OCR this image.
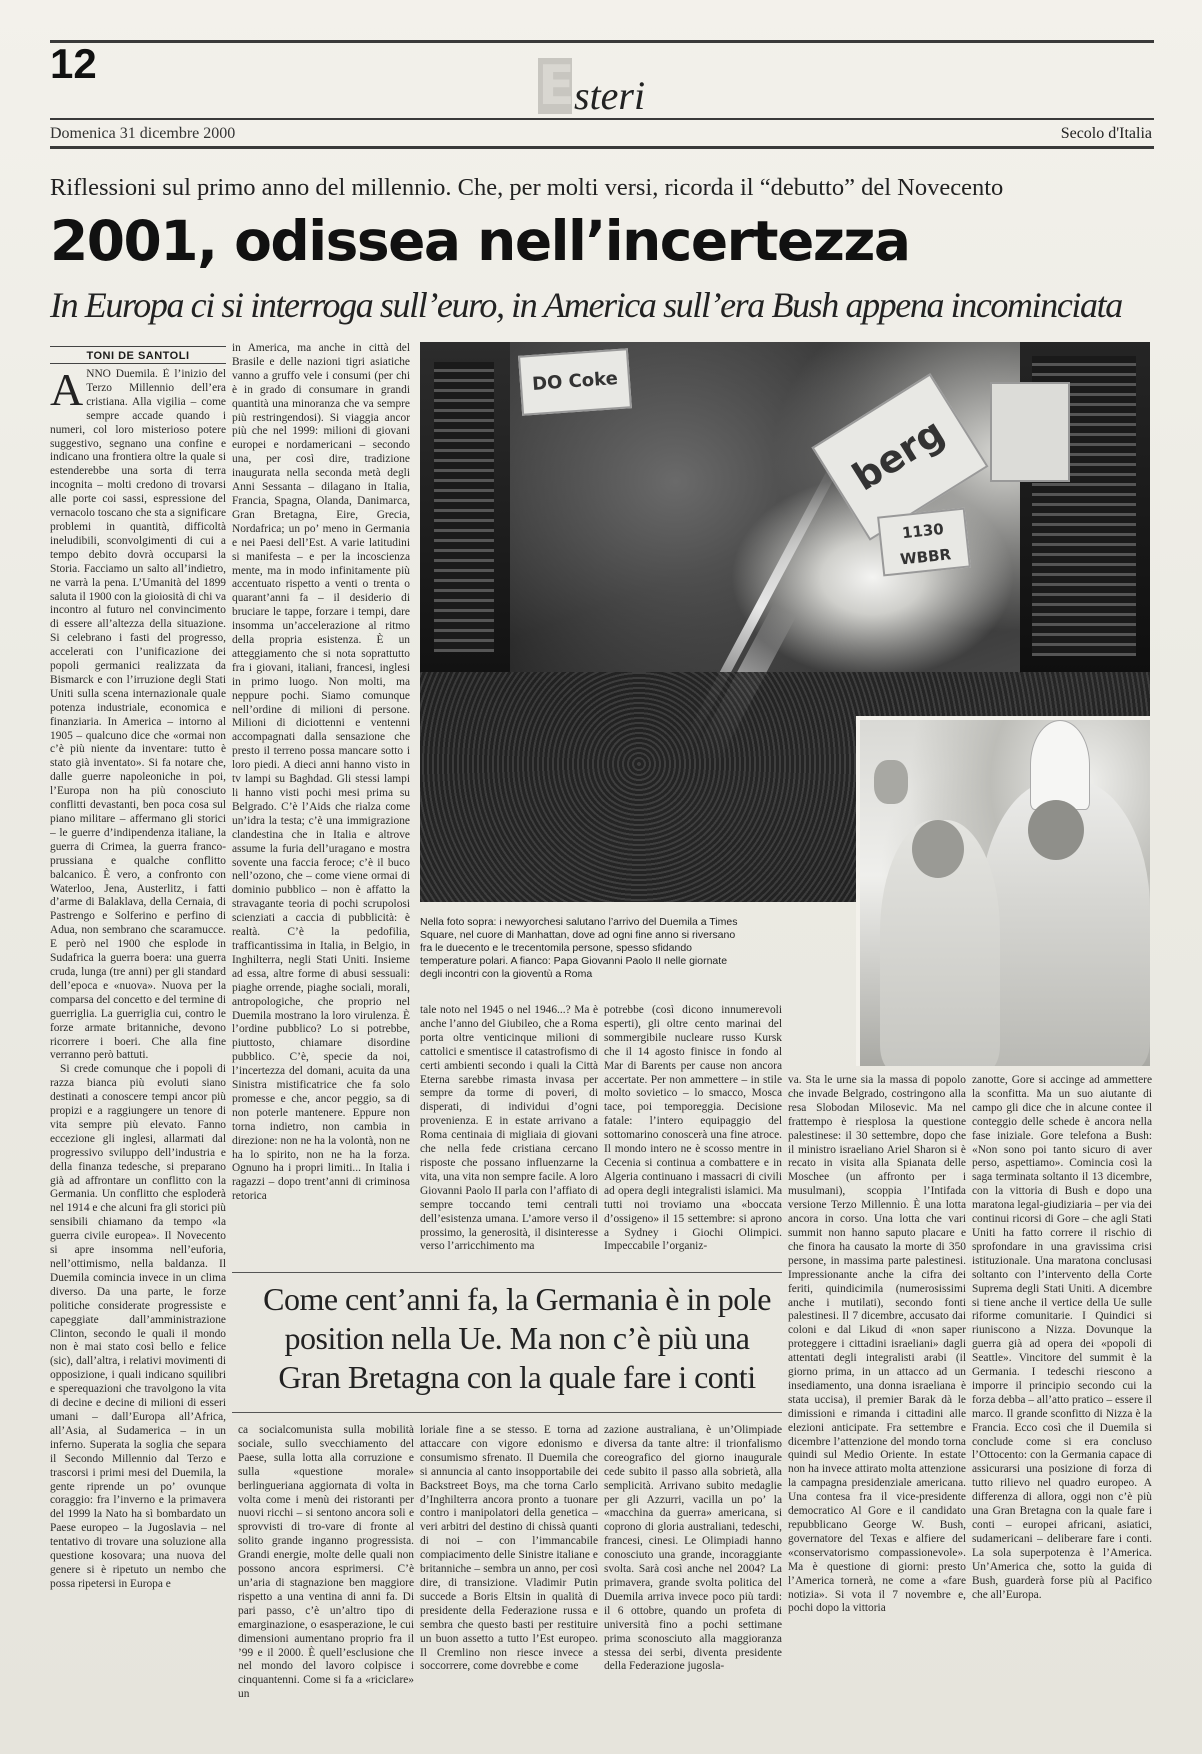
12	E steri
Domenica 31 dicembre 2000	Secolo d'Italia
Riflessioni sul primo anno del millennio. Che, per molti versi, ricorda il “debutto” del Novecento
2001, odissea nell’incertezza
In Europa ci si interroga sull’euro, in America sull’era Bush appena incominciata
TONI DE SANTOLI

A NNO Duemila. È l’inizio del Terzo Millennio dell’era cristiana. Alla vigilia – come sempre accade quando i numeri, col loro misterioso potere suggestivo, segnano una confine e indicano una frontiera oltre la quale si estenderebbe una sorta di terra incognita – molti credono di trovarsi alle porte coi sassi, espressione del vernacolo toscano che sta a significare problemi in quantità, difficoltà ineludibili, sconvolgimenti di cui a tempo debito dovrà occuparsi la Storia. Facciamo un salto all’indietro, ne varrà la pena. L’Umanità del 1899 saluta il 1900 con la gioiosità di chi va incontro al futuro nel convincimento di essere all’altezza della situazione. Si celebrano i fasti del progresso, accelerati con l’unificazione dei popoli germanici realizzata da Bismarck e con l’irruzione degli Stati Uniti sulla scena internazionale quale potenza industriale, economica e finanziaria. In America – intorno al 1905 – qualcuno dice che «ormai non c’è più niente da inventare: tutto è stato già inventato». Si fa notare che, dalle guerre napoleoniche in poi, l’Europa non ha più conosciuto conflitti devastanti, ben poca cosa sul piano militare – affermano gli storici – le guerre d’indipendenza italiane, la guerra di Crimea, la guerra franco-prussiana e qualche conflitto balcanico. È vero, a confronto con Waterloo, Jena, Austerlitz, i fatti d’arme di Balaklava, della Cernaia, di Pastrengo e Solferino e perfino di Adua, non sembrano che scaramucce. E però nel 1900 che esplode in Sudafrica la guerra boera: una guerra cruda, lunga (tre anni) per gli standard dell’epoca e «nuova». Nuova per la comparsa del concetto e del termine di guerriglia. La guerriglia cui, contro le forze armate britanniche, devono ricorrere i boeri. Che alla fine verranno però battuti.

Si crede comunque che i popoli di razza bianca più evoluti siano destinati a conoscere tempi ancor più propizi e a raggiungere un tenore di vita sempre più elevato. Fanno eccezione gli inglesi, allarmati dal progressivo sviluppo dell’industria e della finanza tedesche, si preparano già ad affrontare un conflitto con la Germania. Un conflitto che esploderà nel 1914 e che alcuni fra gli storici più sensibili chiamano da tempo «la guerra civile europea». Il Novecento si apre insomma nell’euforia, nell’ottimismo, nella baldanza. Il Duemila comincia invece in un clima diverso. Da una parte, le forze politiche considerate progressiste e capeggiate dall’amministrazione Clinton, secondo le quali il mondo non è mai stato così bello e felice (sic), dall’altra, i relativi movimenti di opposizione, i quali indicano squilibri e sperequazioni che travolgono la vita di decine e decine di milioni di esseri umani – dall’Europa all’Africa, all’Asia, al Sudamerica – in un inferno. Superata la soglia che separa il Secondo Millennio dal Terzo e trascorsi i primi mesi del Duemila, la gente riprende un po’ ovunque coraggio: fra l’inverno e la primavera del 1999 la Nato ha sì bombardato un Paese europeo – la Jugoslavia – nel tentativo di trovare una soluzione alla questione kosovara; una nuova del genere si è ripetuto un nembo che possa ripetersi in Europa e

in America, ma anche in città del Brasile e delle nazioni tigri asiatiche vanno a gruffo vele i consumi (per chi è in grado di consumare in grandi quantità una minoranza che va sempre più restringendosi). Si viaggia ancor più che nel 1999: milioni di giovani europei e nordamericani – secondo una, per così dire, tradizione inaugurata nella seconda metà degli Anni Sessanta – dilagano in Italia, Francia, Spagna, Olanda, Danimarca, Gran Bretagna, Eire, Grecia, Nordafrica; un po’ meno in Germania e nei Paesi dell’Est. A varie latitudini si manifesta – e per la incoscienza mente, ma in modo infinitamente più accentuato rispetto a venti o trenta o quarant’anni fa – il desiderio di bruciare le tappe, forzare i tempi, dare insomma un’accelerazione al ritmo della propria esistenza. È un atteggiamento che si nota soprattutto fra i giovani, italiani, francesi, inglesi in primo luogo. Non molti, ma neppure pochi. Siamo comunque nell’ordine di milioni di persone. Milioni di diciottenni e ventenni accompagnati dalla sensazione che presto il terreno possa mancare sotto i loro piedi. A dieci anni hanno visto in tv lampi su Baghdad. Gli stessi lampi li hanno visti pochi mesi prima su Belgrado. C’è l’Aids che rialza come un’idra la testa; c’è una immigrazione clandestina che in Italia e altrove assume la furia dell’uragano e mostra sovente una faccia feroce; c’è il buco nell’ozono, che – come viene ormai di dominio pubblico – non è affatto la stravagante teoria di pochi scrupolosi scienziati a caccia di pubblicità: è realtà. C’è la pedofilia, trafficantissima in Italia, in Belgio, in Inghilterra, negli Stati Uniti. Insieme ad essa, altre forme di abusi sessuali: piaghe orrende, piaghe sociali, morali, antropologiche, che proprio nel Duemila mostrano la loro virulenza. È l’ordine pubblico? Lo si potrebbe, piuttosto, chiamare disordine pubblico. C’è, specie da noi, l’incertezza del domani, acuita da una Sinistra mistificatrice che fa solo promesse e che, ancor peggio, sa di non poterle mantenere. Eppure non torna indietro, non cambia in direzione: non ne ha la volontà, non ne ha lo spirito, non ne ha la forza. Ognuno ha i propri limiti... In Italia i ragazzi – dopo trent’anni di criminosa retorica

DO Coke
berg
1130 WBBR
Nella foto sopra: i newyorchesi salutano l’arrivo del Duemila a Times Square, nel cuore di Manhattan, dove ad ogni fine anno si riversano fra le duecento e le trecentomila persone, spesso sfidando temperature polari. A fianco: Papa Giovanni Paolo II nelle giornate degli incontri con la gioventù a Roma

tale noto nel 1945 o nel 1946...? Ma è anche l’anno del Giubileo, che a Roma porta oltre venticinque milioni di cattolici e smentisce il catastrofismo di certi ambienti secondo i quali la Città Eterna sarebbe rimasta invasa per sempre da torme di poveri, di disperati, di individui d’ogni provenienza. E in estate arrivano a Roma centinaia di migliaia di giovani che nella fede cristiana cercano risposte che possano influenzarne la vita, una vita non sempre facile. A loro Giovanni Paolo II parla con l’affiato di sempre toccando temi centrali dell’esistenza umana. L’amore verso il prossimo, la generosità, il disinteresse verso l’arricchimento ma

potrebbe (così dicono innumerevoli esperti), gli oltre cento marinai del sommergibile nucleare russo Kursk che il 14 agosto finisce in fondo al Mar di Barents per cause non ancora accertate. Per non ammettere – in stile molto sovietico – lo smacco, Mosca tace, poi temporeggia. Decisione fatale: l’intero equipaggio del sottomarino conoscerà una fine atroce. Il mondo intero ne è scosso mentre in Cecenia si continua a combattere e in Algeria continuano i massacri di civili ad opera degli integralisti islamici. Ma tutti noi troviamo una «boccata d’ossigeno» il 15 settembre: si aprono a Sydney i Giochi Olimpici. Impeccabile l’organiz-

va. Sta le urne sia la massa di popolo che invade Belgrado, costringono alla resa Slobodan Milosevic. Ma nel frattempo è riesplosa la questione palestinese: il 30 settembre, dopo che il ministro israeliano Ariel Sharon si è recato in visita alla Spianata delle Moschee (un affronto per i musulmani), scoppia l’Intifada versione Terzo Millennio. È una lotta ancora in corso. Una lotta che vari summit non hanno saputo placare e che finora ha causato la morte di 350 persone, in massima parte palestinesi. Impressionante anche la cifra dei feriti, quindicimila (numerosissimi anche i mutilati), secondo fonti palestinesi. Il 7 dicembre, accusato dai coloni e dal Likud di «non saper proteggere i cittadini israeliani» dagli attentati degli integralisti arabi (il giorno prima, in un attacco ad un insediamento, una donna israeliana è stata uccisa), il premier Barak dà le dimissioni e rimanda i cittadini alle elezioni anticipate. Fra settembre e dicembre l’attenzione del mondo torna quindi sul Medio Oriente. In estate non ha invece attirato molta attenzione la campagna presidenziale americana. Una contesa fra il vice-presidente democratico Al Gore e il candidato repubblicano George W. Bush, governatore del Texas e alfiere del «conservatorismo compassionevole». Ma è questione di giorni: presto l’America tornerà, ne come a «fare notizia». Si vota il 7 novembre e, pochi dopo la vittoria

zanotte, Gore si accinge ad ammettere la sconfitta. Ma un suo aiutante di campo gli dice che in alcune contee il conteggio delle schede è ancora nella fase iniziale. Gore telefona a Bush: «Non sono poi tanto sicuro di aver perso, aspettiamo». Comincia così la saga terminata soltanto il 13 dicembre, con la vittoria di Bush e dopo una maratona legal-giudiziaria – per via dei continui ricorsi di Gore – che agli Stati Uniti ha fatto correre il rischio di sprofondare in una gravissima crisi istituzionale. Una maratona conclusasi soltanto con l’intervento della Corte Suprema degli Stati Uniti. A dicembre si tiene anche il vertice della Ue sulle riforme comunitarie. I Quindici si riuniscono a Nizza. Dovunque la guerra già ad opera dei «popoli di Seattle». Vincitore del summit è la Germania. I tedeschi riescono a imporre il principio secondo cui la forza debba – all’atto pratico – essere il marco. Il grande sconfitto di Nizza è la Francia. Ecco così che il Duemila si conclude come si era concluso l’Ottocento: con la Germania capace di assicurarsi una posizione di forza di tutto rilievo nel quadro europeo. A differenza di allora, oggi non c’è più una Gran Bretagna con la quale fare i conti – europei africani, asiatici, sudamericani – deliberare fare i conti. La sola superpotenza è l’America. Un’America che, sotto la guida di Bush, guarderà forse più al Pacifico che all’Europa.

Come cent’anni fa, la Germania è in pole
position nella Ue. Ma non c’è più una
Gran Bretagna con la quale fare i conti

ca socialcomunista sulla mobilità sociale, sullo svecchiamento del Paese, sulla lotta alla corruzione e sulla «questione morale» berlingueriana aggiornata di volta in volta come i menù dei ristoranti per nuovi ricchi – si sentono ancora soli e sprovvisti di tro-vare di fronte al solito grande inganno progressista. Grandi energie, molte delle quali non possono ancora esprimersi. C’è un’aria di stagnazione ben maggiore rispetto a una ventina di anni fa. Di pari passo, c’è un’altro tipo di emarginazione, o esasperazione, le cui dimensioni aumentano proprio fra il ’99 e il 2000. È quell’esclusione che nel mondo del lavoro colpisce i cinquantenni. Come si fa a «riciclare» un

loriale fine a se stesso. E torna ad attaccare con vigore edonismo e consumismo sfrenato. Il Duemila che si annuncia al canto insopportabile dei Backstreet Boys, ma che torna Carlo d’Inghilterra ancora pronto a tuonare contro i manipolatori della genetica – veri arbitri del destino di chissà quanti di noi – con l’immancabile compiacimento delle Sinistre italiane e britanniche – sembra un anno, per così dire, di transizione. Vladimir Putin succede a Boris Eltsin in qualità di presidente della Federazione russa e sembra che questo basti per restituire un buon assetto a tutto l’Est europeo. Il Cremlino non riesce invece a soccorrere, come dovrebbe e come

zazione australiana, è un’Olimpiade diversa da tante altre: il trionfalismo coreografico del giorno inaugurale cede subito il passo alla sobrietà, alla semplicità. Arrivano subito medaglie per gli Azzurri, vacilla un po’ la «macchina da guerra» americana, si coprono di gloria australiani, tedeschi, francesi, cinesi. Le Olimpiadi hanno conosciuto una grande, incoraggiante svolta. Sarà così anche nel 2004? La primavera, grande svolta politica del Duemila arriva invece poco più tardi: il 6 ottobre, quando un profeta di università fino a pochi settimane prima sconosciuto alla maggioranza stessa dei serbi, diventa presidente della Federazione jugosla-
